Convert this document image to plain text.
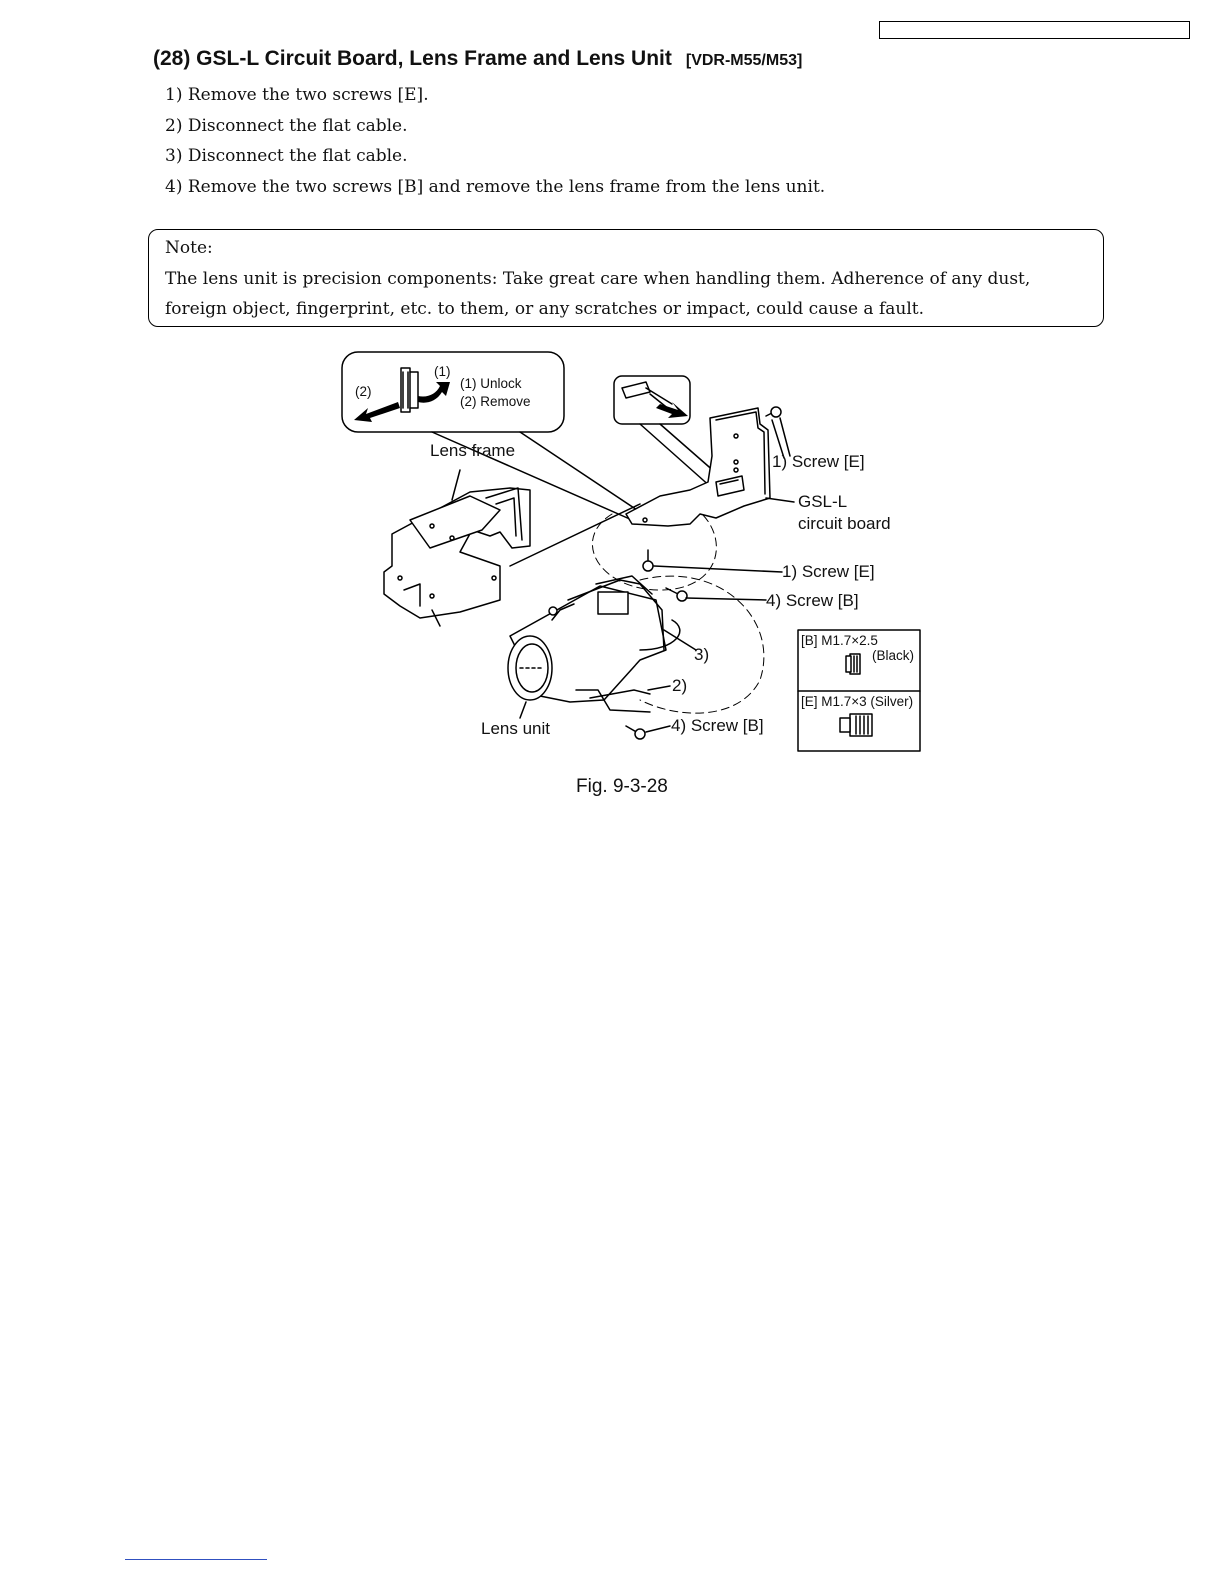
(28) GSL-L Circuit Board, Lens Frame and Lens Unit [VDR-M55/M53]
1) Remove the two screws [E].
2) Disconnect the flat cable.
3) Disconnect the flat cable.
4) Remove the two screws [B] and remove the lens frame from the lens unit.
Note:
The lens unit is precision components: Take great care when handling them. Adherence of any dust,
foreign object, fingerprint, etc. to them, or any scratches or impact, could cause a fault.
(1)
(2)
(1) Unlock
(2) Remove
Lens frame
1) Screw [E]
GSL-L
circuit board
1) Screw [E]
4) Screw [B]
3)
2)
4) Screw [B]
Lens unit
[B] M1.7×2.5
(Black)
[E] M1.7×3 (Silver)
Fig. 9-3-28
